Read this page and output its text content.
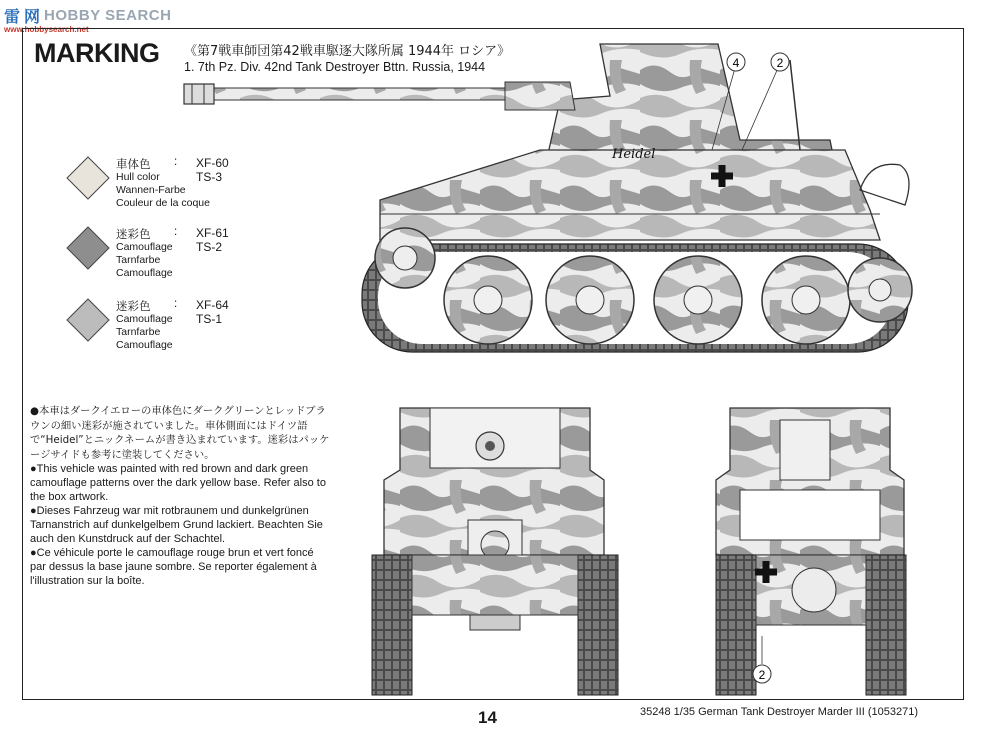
雷 网 HOBBY SEARCH
www.hobbysearch.net
MARKING 《第7戦車師団第42戦車駆逐大隊所属 1944年 ロシア》
1. 7th Pz. Div. 42nd Tank Destroyer Bttn. Russia, 1944
車体色 : XF-60
TS-3
Hull color
Wannen-Farbe
Couleur de la coque
迷彩色 : XF-61
TS-2
Camouflage
Tarnfarbe
Camouflage
迷彩色 : XF-64
TS-1
Camouflage
Tarnfarbe
Camouflage

●本車はダークイエローの車体色にダークグリーンとレッドブラウンの細い迷彩が施されていました。車体側面にはドイツ語で“Heidel”とニックネームが書き込まれています。迷彩はパッケージサイドも参考に塗装してください。

●This vehicle was painted with red brown and dark green camouflage patterns over the dark yellow base. Refer also to the box artwork.

●Dieses Fahrzeug war mit rotbraunem und dunkelgrünen Tarnanstrich auf dunkelgelbem Grund lackiert. Beachten Sie auch den Kunstdruck auf der Schachtel.

●Ce véhicule porte le camouflage rouge brun et vert foncé par dessus la base jaune sombre. Se reporter également à l'illustration sur la boîte.

Heidel
4	2
2
14	35248 1/35 German Tank Destroyer Marder III (1053271)
